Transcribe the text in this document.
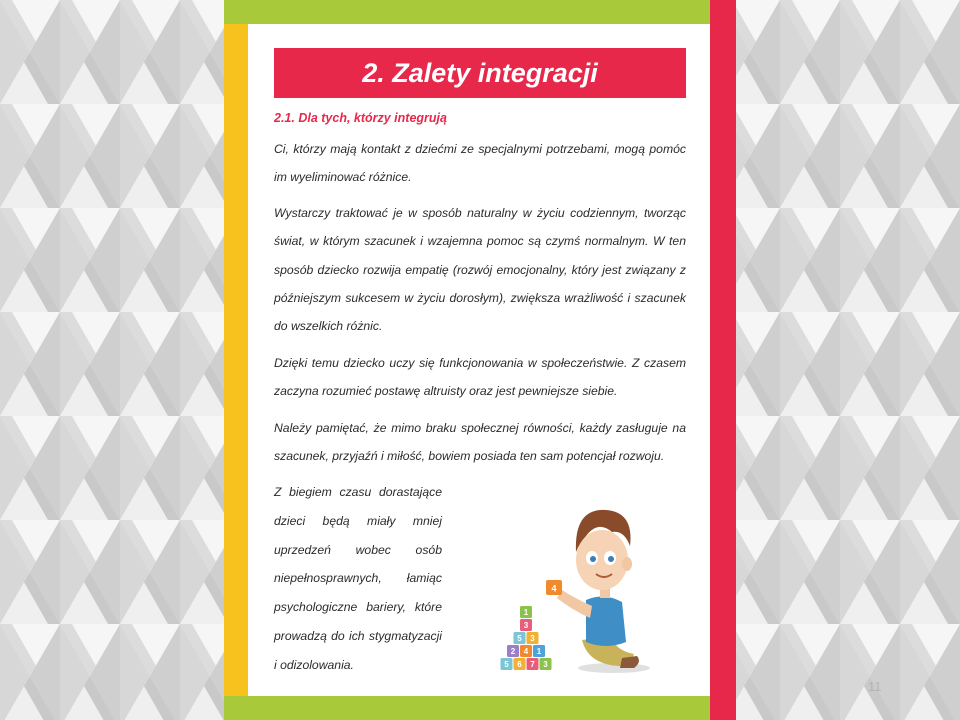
2. Zalety integracji
2.1. Dla tych, którzy integrują

Ci, którzy mają kontakt z dziećmi ze specjalnymi potrzebami, mogą pomóc im wyeliminować różnice.

Wystarczy traktować je w sposób naturalny w życiu codziennym, tworząc świat, w którym szacunek i wzajemna pomoc są czymś normalnym. W ten sposób dziecko rozwija empatię (rozwój emocjonalny, który jest związany z późniejszym sukcesem w życiu dorosłym), zwiększa wrażliwość i szacunek do wszelkich różnic.

Dzięki temu dziecko uczy się funkcjonowania w społeczeństwie. Z czasem zaczyna rozumieć postawę altruisty oraz jest pewniejsze siebie.

Należy pamiętać, że mimo braku społecznej równości, każdy zasługuje na szacunek, przyjaźń i miłość, bowiem posiada ten sam potencjał rozwoju.

Z biegiem czasu dorastające dzieci będą miały mniej uprzedzeń wobec osób niepełnosprawnych, łamiąc psychologiczne bariery, które prowadzą do ich stygmatyzacji i odizolowania.

4
5 6 7 3
2 4 1
5 3
3
1
11
